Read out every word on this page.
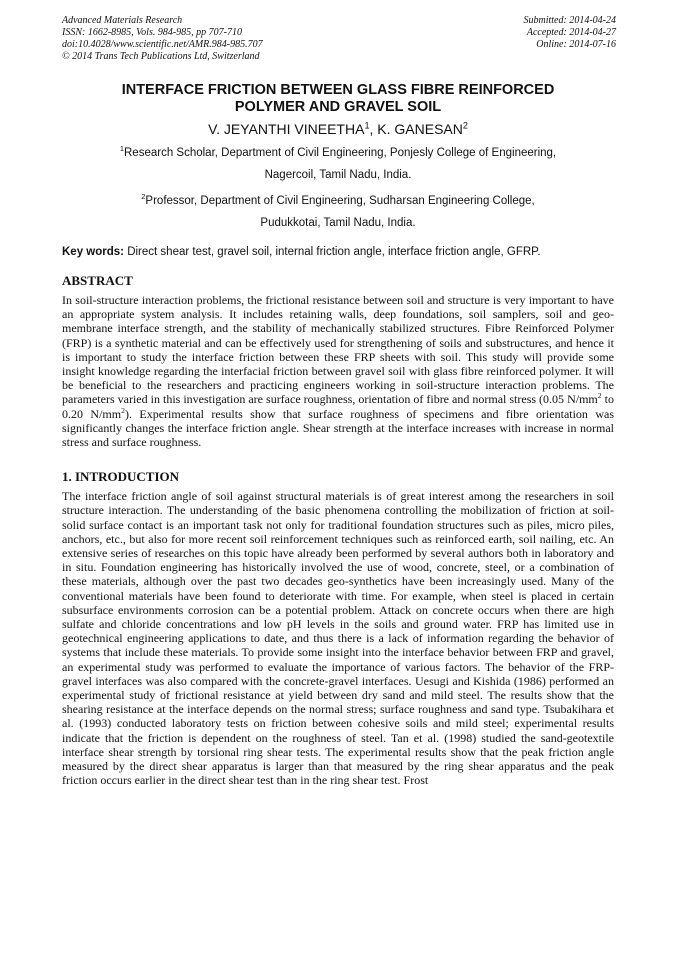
Advanced Materials Research
ISSN: 1662-8985, Vols. 984-985, pp 707-710
doi:10.4028/www.scientific.net/AMR.984-985.707
© 2014 Trans Tech Publications Ltd, Switzerland
Submitted: 2014-04-24
Accepted: 2014-04-27
Online: 2014-07-16
INTERFACE FRICTION BETWEEN GLASS FIBRE REINFORCED
POLYMER AND GRAVEL SOIL
V. JEYANTHI VINEETHA$^1$, K. GANESAN$^2$
$^1$Research Scholar, Department of Civil Engineering, Ponjesly College of Engineering,
Nagercoil, Tamil Nadu, India.
$^2$Professor, Department of Civil Engineering, Sudharsan Engineering College,
Pudukkotai, Tamil Nadu, India.
Key words: Direct shear test, gravel soil, internal friction angle, interface friction angle, GFRP.
ABSTRACT

In soil-structure interaction problems, the frictional resistance between soil and structure is very important to have an appropriate system analysis. It includes retaining walls, deep foundations, soil samplers, soil and geo-membrane interface strength, and the stability of mechanically stabilized structures. Fibre Reinforced Polymer (FRP) is a synthetic material and can be effectively used for strengthening of soils and substructures, and hence it is important to study the interface friction between these FRP sheets with soil. This study will provide some insight knowledge regarding the interfacial friction between gravel soil with glass fibre reinforced polymer. It will be beneficial to the researchers and practicing engineers working in soil-structure interaction problems. The parameters varied in this investigation are surface roughness, orientation of fibre and normal stress (0.05 $N/mm^2$ to 0.20 $N/mm^2$). Experimental results show that surface roughness of specimens and fibre orientation was significantly changes the interface friction angle. Shear strength at the interface increases with increase in normal stress and surface roughness.

1. INTRODUCTION

The interface friction angle of soil against structural materials is of great interest among the researchers in soil structure interaction. The understanding of the basic phenomena controlling the mobilization of friction at soil-solid surface contact is an important task not only for traditional foundation structures such as piles, micro piles, anchors, etc., but also for more recent soil reinforcement techniques such as reinforced earth, soil nailing, etc. An extensive series of researches on this topic have already been performed by several authors both in laboratory and in situ. Foundation engineering has historically involved the use of wood, concrete, steel, or a combination of these materials, although over the past two decades geo-synthetics have been increasingly used. Many of the conventional materials have been found to deteriorate with time. For example, when steel is placed in certain subsurface environments corrosion can be a potential problem. Attack on concrete occurs when there are high sulfate and chloride concentrations and low pH levels in the soils and ground water. FRP has limited use in geotechnical engineering applications to date, and thus there is a lack of information regarding the behavior of systems that include these materials. To provide some insight into the interface behavior between FRP and gravel, an experimental study was performed to evaluate the importance of various factors. The behavior of the FRP-gravel interfaces was also compared with the concrete-gravel interfaces. Uesugi and Kishida (1986) performed an experimental study of frictional resistance at yield between dry sand and mild steel. The results show that the shearing resistance at the interface depends on the normal stress; surface roughness and sand type. Tsubakihara et al. (1993) conducted laboratory tests on friction between cohesive soils and mild steel; experimental results indicate that the friction is dependent on the roughness of steel. Tan et al. (1998) studied the sand-geotextile interface shear strength by torsional ring shear tests. The experimental results show that the peak friction angle measured by the direct shear apparatus is larger than that measured by the ring shear apparatus and the peak friction occurs earlier in the direct shear test than in the ring shear test. Frost
